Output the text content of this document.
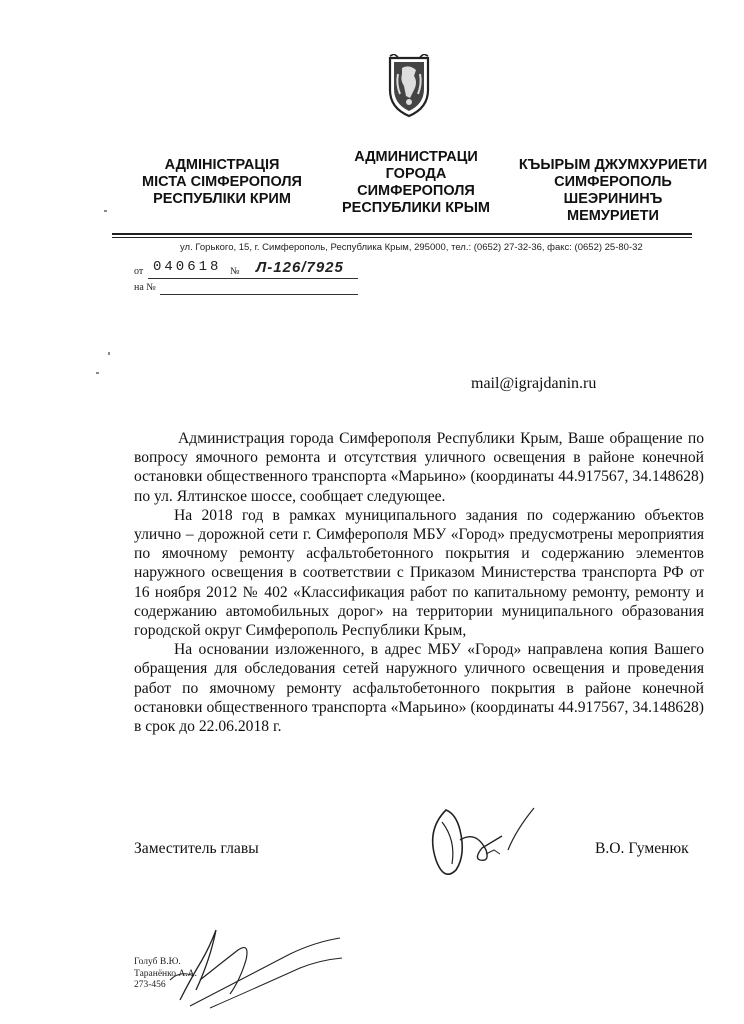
АДМІНІСТРАЦІЯ
МІСТА СІМФЕРОПОЛЯ
РЕСПУБЛІКИ КРИМ
АДМИНИСТРАЦИ
ГОРОДА
СИМФЕРОПОЛЯ
РЕСПУБЛИКИ КРЫМ
КЪЫРЫМ ДЖУМХУРИЕТИ
СИМФЕРОПОЛЬ
ШЕЭРИНИНЪ
МЕМУРИЕТИ
ул. Горького, 15, г. Симферополь, Республика Крым, 295000, тел.: (0652) 27-32-36, факс: (0652) 25-80-32
от 040618 № Л-126/7925
на №
mail@igrajdanin.ru

Администрация города Симферополя Республики Крым, Ваше обращение по вопросу ямочного ремонта и отсутствия уличного освещения в районе конечной остановки общественного транспорта «Марьино» (координаты 44.917567, 34.148628) по ул. Ялтинское шоссе, сообщает следующее.

На 2018 год в рамках муниципального задания по содержанию объектов улично – дорожной сети г. Симферополя МБУ «Город» предусмотрены мероприятия по ямочному ремонту асфальтобетонного покрытия и содержанию элементов наружного освещения в соответствии с Приказом Министерства транспорта РФ от 16 ноября 2012 № 402 «Классификация работ по капитальному ремонту, ремонту и содержанию автомобильных дорог» на территории муниципального образования городской округ Симферополь Республики Крым,

На основании изложенного, в адрес МБУ «Город» направлена копия Вашего обращения для обследования сетей наружного уличного освещения и проведения работ по ямочному ремонту асфальтобетонного покрытия в районе конечной остановки общественного транспорта «Марьино» (координаты 44.917567, 34.148628) в срок до 22.06.2018 г.

Заместитель главы	В.О. Гуменюк
Голуб В.Ю.
Таранёнко А.А.
273-456
